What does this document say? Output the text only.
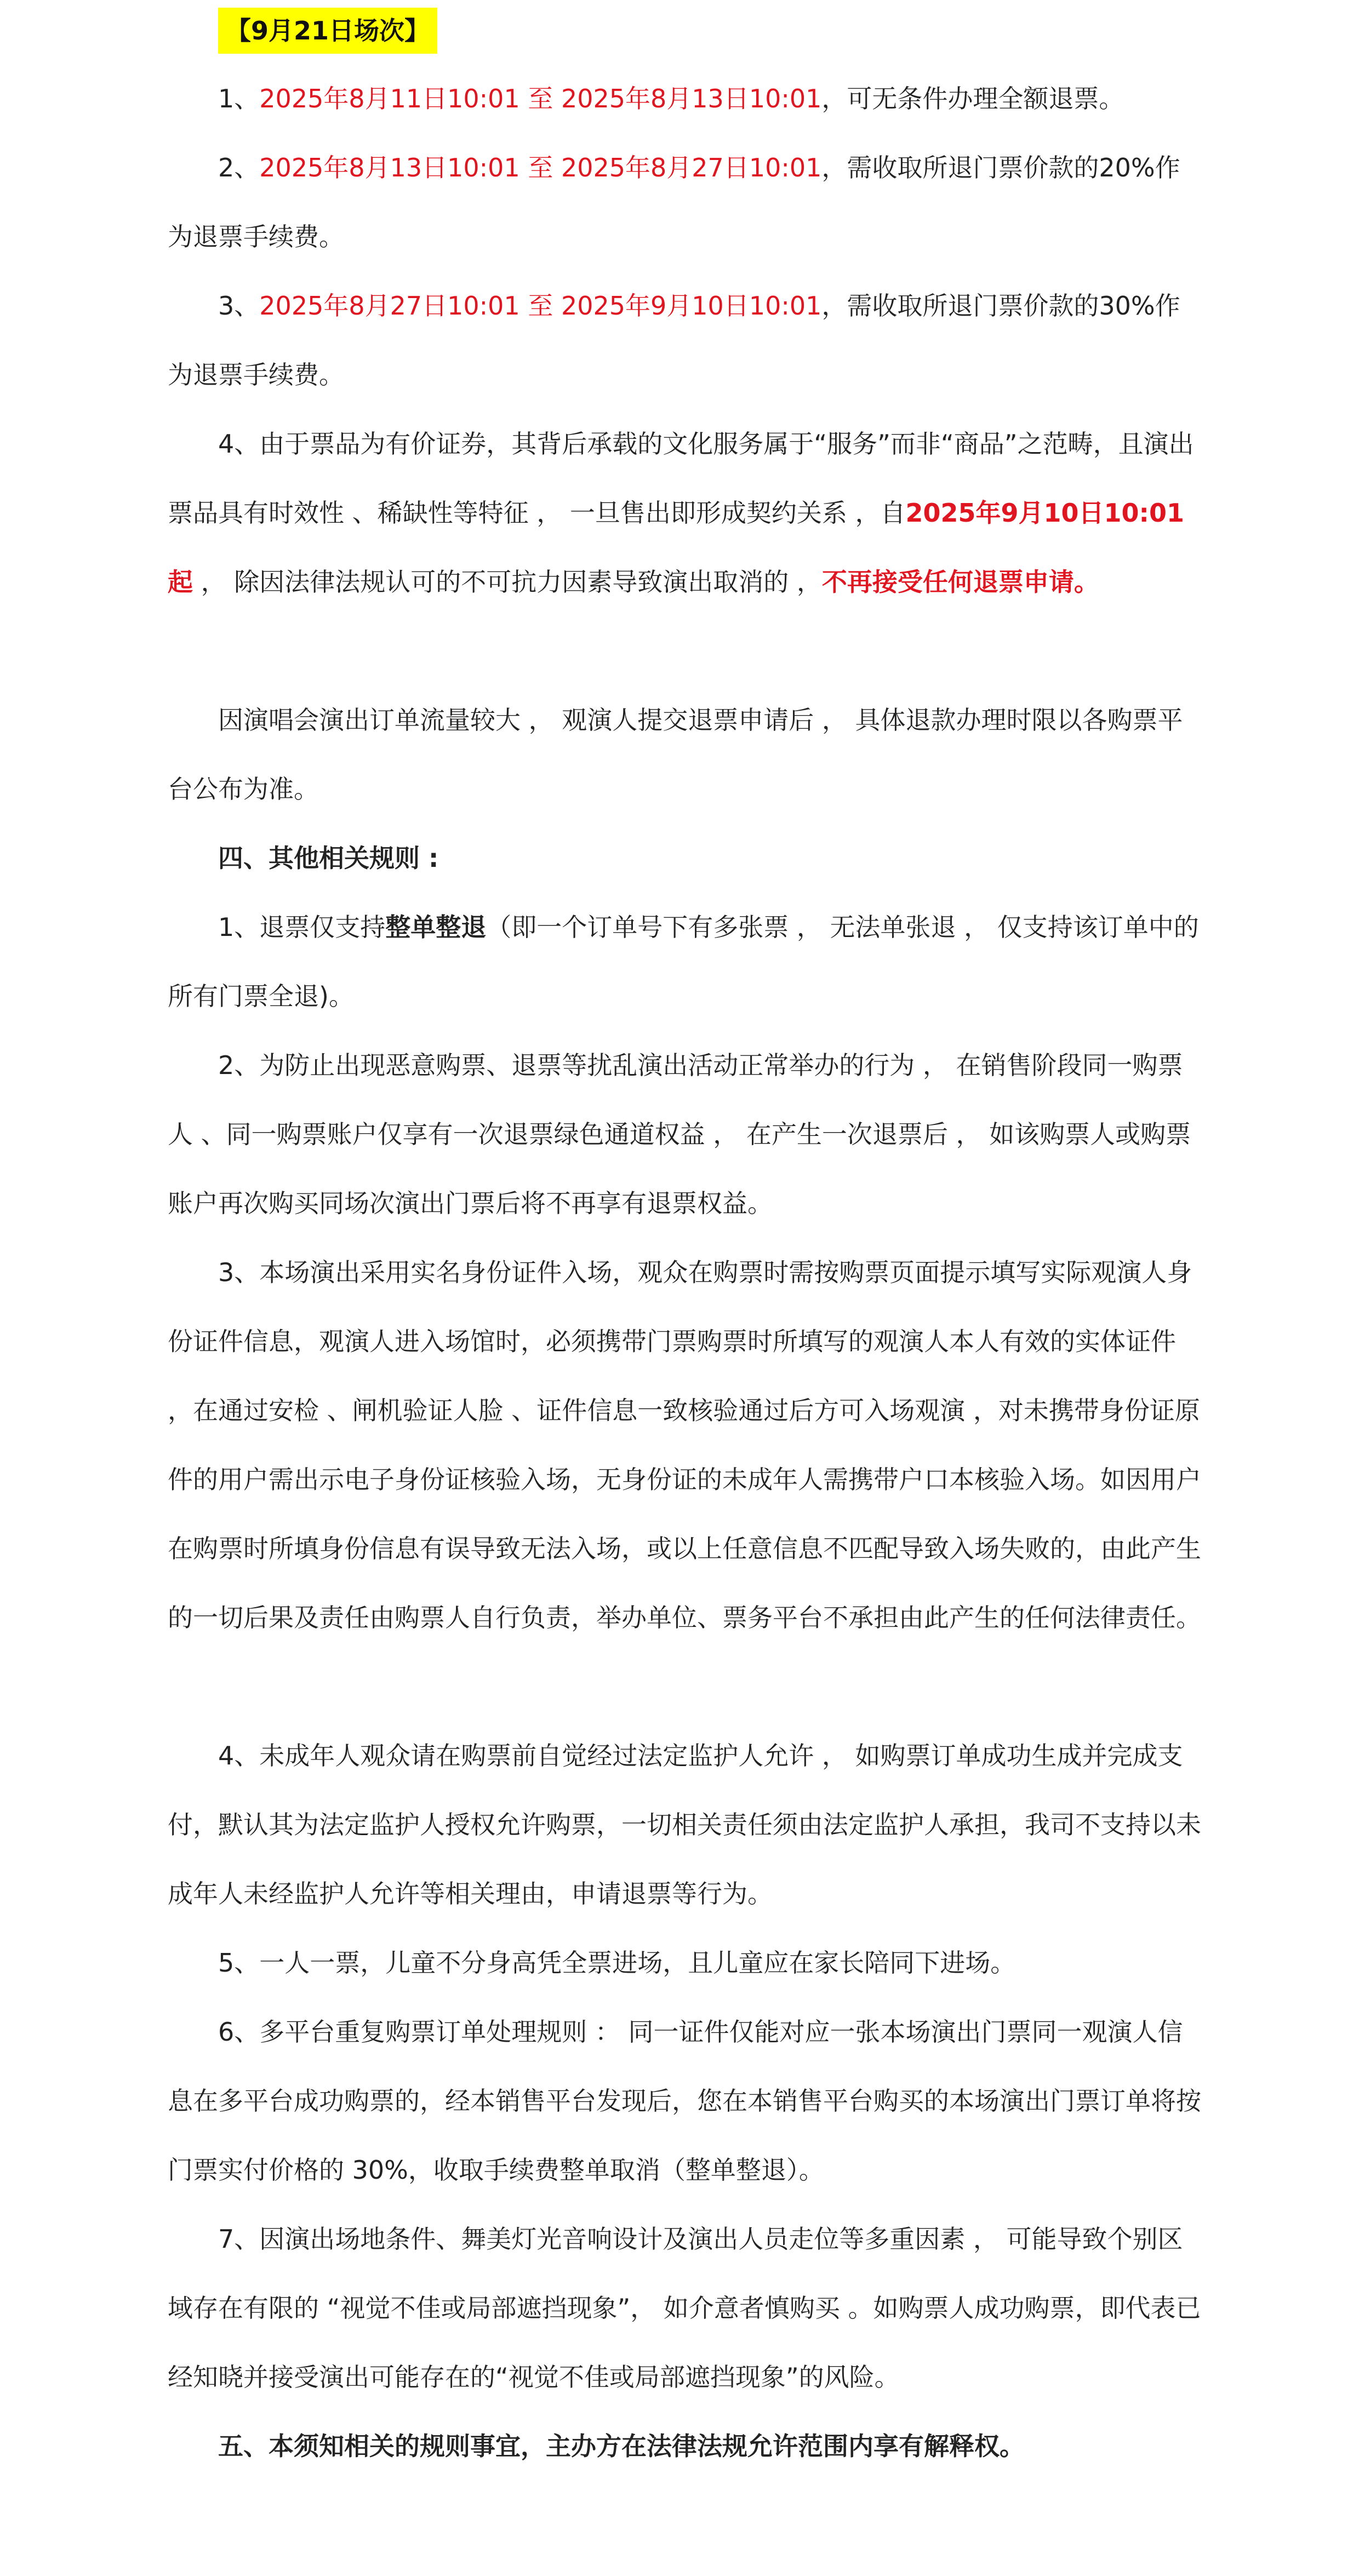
【9月21日场次】

1、2025年8月11日10:01 至 2025年8月13日10:01，可无条件办理全额退票。

2、2025年8月13日10:01 至 2025年8月27日10:01，需收取所退门票价款的20%作为退票手续费。

3、2025年8月27日10:01 至 2025年9月10日10:01，需收取所退门票价款的30%作为退票手续费。

4、由于票品为有价证券，其背后承载的文化服务属于“服务”而非“商品”之范畴，且演出票品具有时效性 、稀缺性等特征 ， 一旦售出即形成契约关系 ，自2025年9月10日10:01起 ， 除因法律法规认可的不可抗力因素导致演出取消的 ，不再接受任何退票申请。

因演唱会演出订单流量较大 ， 观演人提交退票申请后 ， 具体退款办理时限以各购票平台公布为准。

四、其他相关规则 :

1、退票仅支持整单整退（即一个订单号下有多张票 ， 无法单张退 ， 仅支持该订单中的所有门票全退)。

2、为防止出现恶意购票、退票等扰乱演出活动正常举办的行为 ， 在销售阶段同一购票人 、同一购票账户仅享有一次退票绿色通道权益 ， 在产生一次退票后 ， 如该购票人或购票账户再次购买同场次演出门票后将不再享有退票权益。

3、本场演出采用实名身份证件入场，观众在购票时需按购票页面提示填写实际观演人身份证件信息，观演人进入场馆时，必须携带门票购票时所填写的观演人本人有效的实体证件 ，在通过安检 、闸机验证人脸 、证件信息一致核验通过后方可入场观演 ，对未携带身份证原件的用户需出示电子身份证核验入场，无身份证的未成年人需携带户口本核验入场。如因用户在购票时所填身份信息有误导致无法入场，或以上任意信息不匹配导致入场失败的，由此产生的一切后果及责任由购票人自行负责，举办单位、票务平台不承担由此产生的任何法律责任。

4、未成年人观众请在购票前自觉经过法定监护人允许 ， 如购票订单成功生成并完成支付，默认其为法定监护人授权允许购票，一切相关责任须由法定监护人承担，我司不支持以未成年人未经监护人允许等相关理由，申请退票等行为。

5、一人一票，儿童不分身高凭全票进场，且儿童应在家长陪同下进场。

6、多平台重复购票订单处理规则 ： 同一证件仅能对应一张本场演出门票同一观演人信息在多平台成功购票的，经本销售平台发现后，您在本销售平台购买的本场演出门票订单将按门票实付价格的 30%，收取手续费整单取消（整单整退）。

7、因演出场地条件、舞美灯光音响设计及演出人员走位等多重因素 ， 可能导致个别区域存在有限的 “视觉不佳或局部遮挡现象”， 如介意者慎购买 。如购票人成功购票，即代表已经知晓并接受演出可能存在的“视觉不佳或局部遮挡现象”的风险。

五、本须知相关的规则事宜，主办方在法律法规允许范围内享有解释权。
